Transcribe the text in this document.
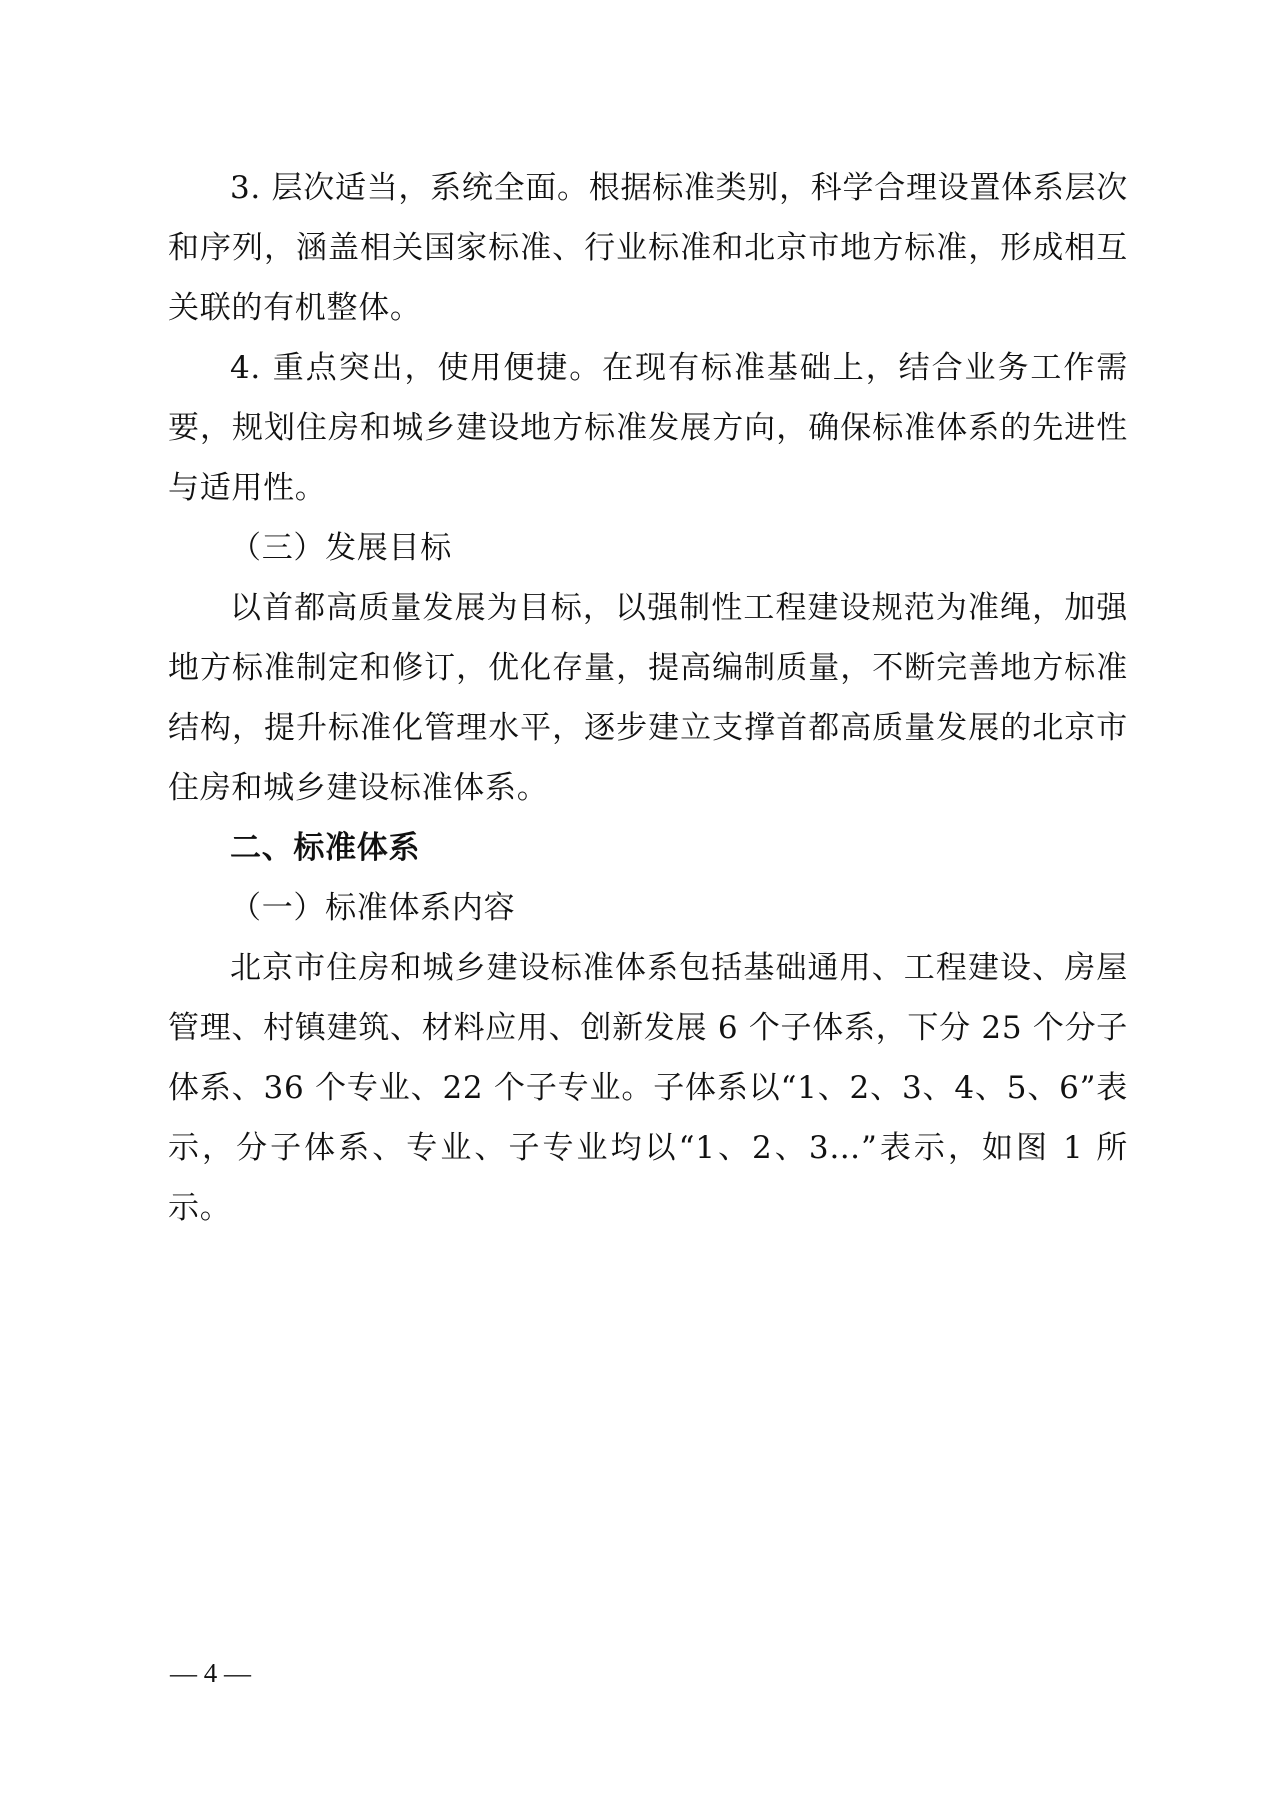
3. 层次适当，系统全面。根据标准类别，科学合理设置体系层次和序列，涵盖相关国家标准、行业标准和北京市地方标准，形成相互关联的有机整体。

4. 重点突出，使用便捷。在现有标准基础上，结合业务工作需要，规划住房和城乡建设地方标准发展方向，确保标准体系的先进性与适用性。

（三）发展目标

以首都高质量发展为目标，以强制性工程建设规范为准绳，加强地方标准制定和修订，优化存量，提高编制质量，不断完善地方标准结构，提升标准化管理水平，逐步建立支撑首都高质量发展的北京市住房和城乡建设标准体系。

二、标准体系

（一）标准体系内容

北京市住房和城乡建设标准体系包括基础通用、工程建设、房屋管理、村镇建筑、材料应用、创新发展 6 个子体系，下分 25 个分子体系、36 个专业、22 个子专业。子体系以“1、2、3、4、5、6”表示，分子体系、专业、子专业均以“1、2、3…”表示，如图 1 所示。

— 4 —
